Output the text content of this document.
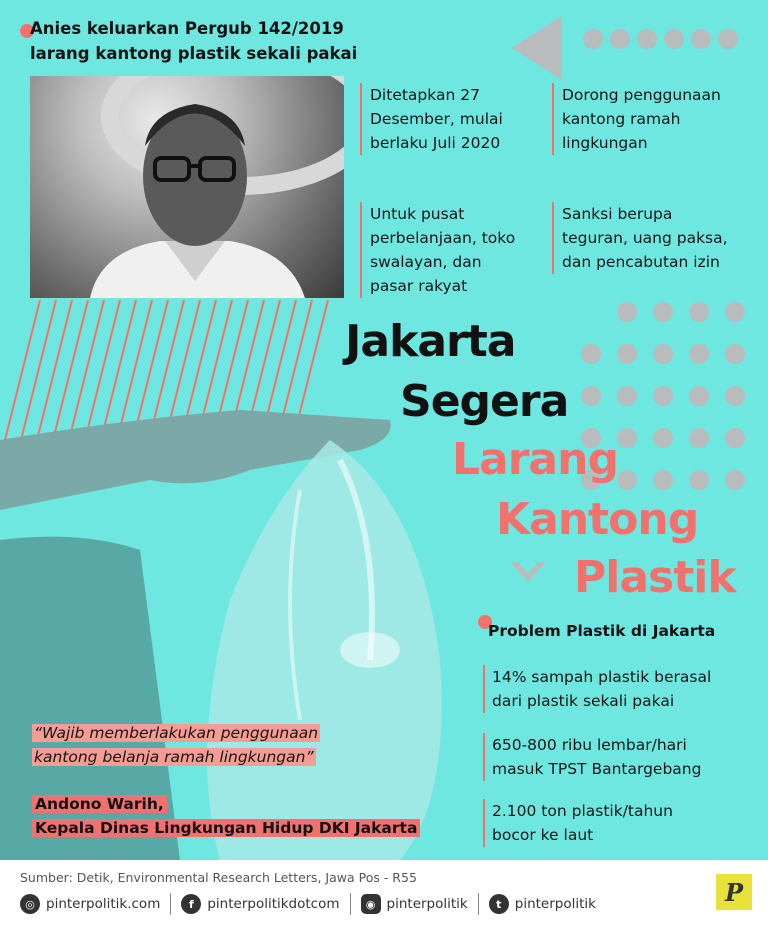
Anies keluarkan Pergub 142/2019
larang kantong plastik sekali pakai
Ditetapkan 27
Desember, mulai
berlaku Juli 2020
Dorong penggunaan
kantong ramah
lingkungan
Untuk pusat
perbelanjaan, toko
swalayan, dan
pasar rakyat
Sanksi berupa
teguran, uang paksa,
dan pencabutan izin
Jakarta
Segera
Larang
Kantong
Plastik
Problem Plastik di Jakarta
14% sampah plastik berasal
dari plastik sekali pakai
650-800 ribu lembar/hari
masuk TPST Bantargebang
2.100 ton plastik/tahun
bocor ke laut
“Wajib memberlakukan penggunaan
kantong belanja ramah lingkungan”
Andono Warih,
Kepala Dinas Lingkungan Hidup DKI Jakarta
Sumber: Detik, Environmental Research Letters, Jawa Pos - R55
◎ pinterpolitik.com	f	pinterpolitikdotcom	◉ pinterpolitik	t pinterpolitik	P
